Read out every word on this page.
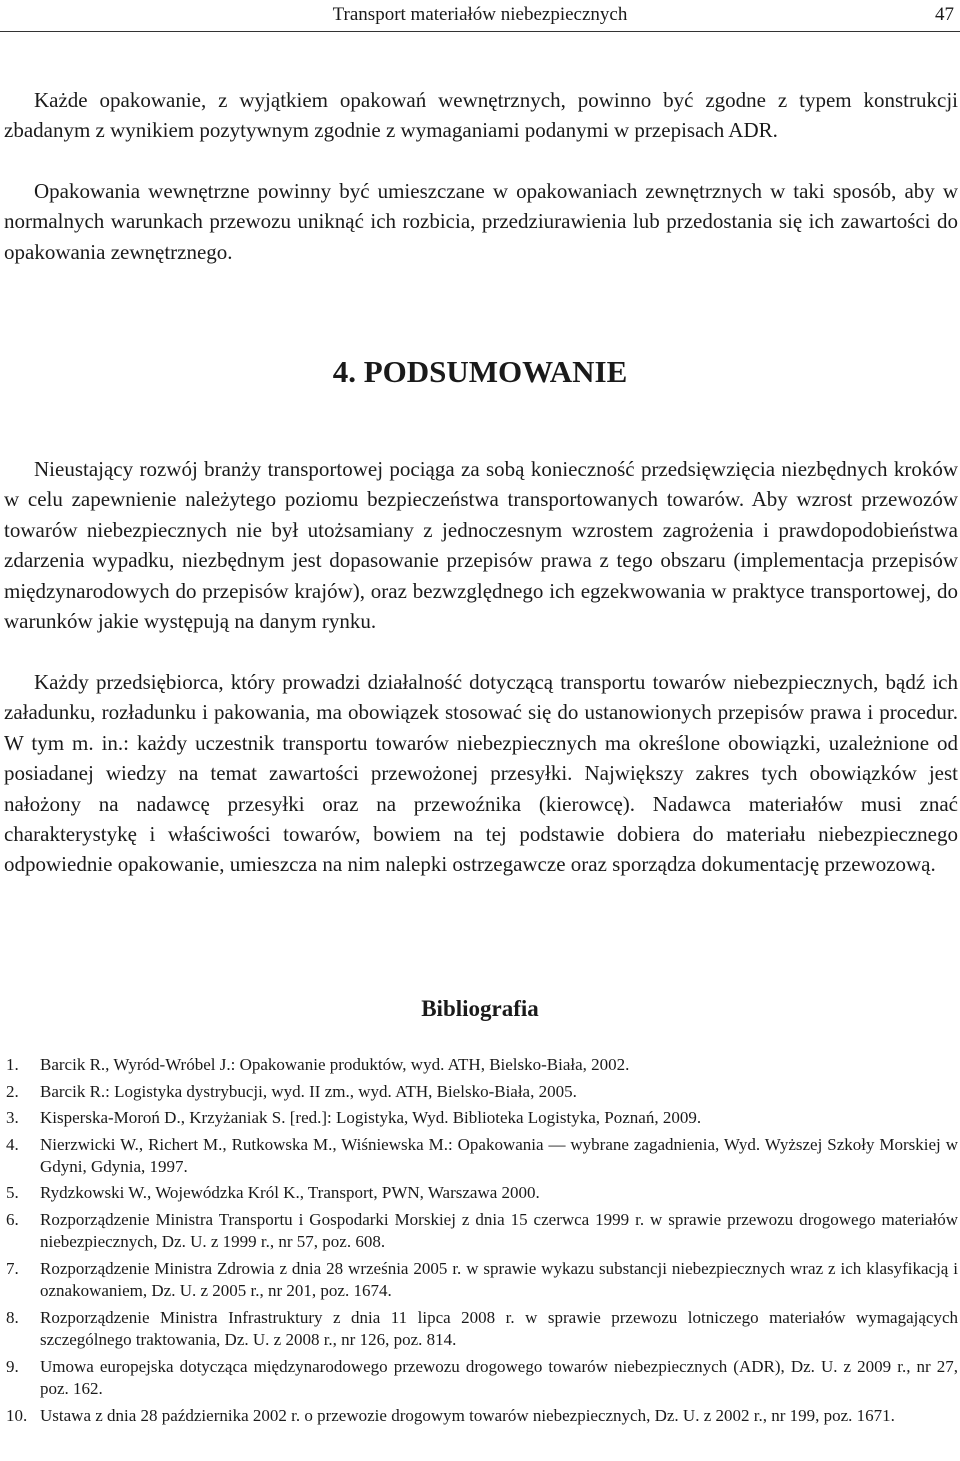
Transport materiałów niebezpiecznych	47

Każde opakowanie, z wyjątkiem opakowań wewnętrznych, powinno być zgodne z typem konstrukcji zbadanym z wynikiem pozytywnym zgodnie z wymaganiami podanymi w przepisach ADR.

Opakowania wewnętrzne powinny być umieszczane w opakowaniach zewnętrznych w taki sposób, aby w normalnych warunkach przewozu uniknąć ich rozbicia, przedziurawienia lub przedostania się ich zawartości do opakowania zewnętrznego.

4. PODSUMOWANIE

Nieustający rozwój branży transportowej pociąga za sobą konieczność przedsięwzięcia niezbędnych kroków w celu zapewnienie należytego poziomu bezpieczeństwa transportowanych towarów. Aby wzrost przewozów towarów niebezpiecznych nie był utożsamiany z jednoczesnym wzrostem zagrożenia i prawdopodobieństwa zdarzenia wypadku, niezbędnym jest dopasowanie przepisów prawa z tego obszaru (implementacja przepisów międzynarodowych do przepisów krajów), oraz bezwzględnego ich egzekwowania w praktyce transportowej, do warunków jakie występują na danym rynku.

Każdy przedsiębiorca, który prowadzi działalność dotyczącą transportu towarów niebezpiecznych, bądź ich załadunku, rozładunku i pakowania, ma obowiązek stosować się do ustanowionych przepisów prawa i procedur. W tym m. in.: każdy uczestnik transportu towarów niebezpiecznych ma określone obowiązki, uzależnione od posiadanej wiedzy na temat zawartości przewożonej przesyłki. Największy zakres tych obowiązków jest nałożony na nadawcę przesyłki oraz na przewoźnika (kierowcę). Nadawca materiałów musi znać charakterystykę i właściwości towarów, bowiem na tej podstawie dobiera do materiału niebezpiecznego odpowiednie opakowanie, umieszcza na nim nalepki ostrzegawcze oraz sporządza dokumentację przewozową.

Bibliografia
1. Barcik R., Wyród-Wróbel J.: Opakowanie produktów, wyd. ATH, Bielsko-Biała, 2002.
2. Barcik R.: Logistyka dystrybucji, wyd. II zm., wyd. ATH, Bielsko-Biała, 2005.
3. Kisperska-Moroń D., Krzyżaniak S. [red.]: Logistyka, Wyd. Biblioteka Logistyka, Poznań, 2009.
4. Nierzwicki W., Richert M., Rutkowska M., Wiśniewska M.: Opakowania — wybrane zagadnienia, Wyd. Wyższej Szkoły Morskiej w Gdyni, Gdynia, 1997.
5. Rydzkowski W., Wojewódzka Król K., Transport, PWN, Warszawa 2000.
6. Rozporządzenie Ministra Transportu i Gospodarki Morskiej z dnia 15 czerwca 1999 r. w sprawie przewozu drogowego materiałów niebezpiecznych, Dz. U. z 1999 r., nr 57, poz. 608.
7. Rozporządzenie Ministra Zdrowia z dnia 28 września 2005 r. w sprawie wykazu substancji niebezpiecznych wraz z ich klasyfikacją i oznakowaniem, Dz. U. z 2005 r., nr 201, poz. 1674.
8. Rozporządzenie Ministra Infrastruktury z dnia 11 lipca 2008 r. w sprawie przewozu lotniczego materiałów wymagających szczególnego traktowania, Dz. U. z 2008 r., nr 126, poz. 814.
9. Umowa europejska dotycząca międzynarodowego przewozu drogowego towarów niebezpiecznych (ADR), Dz. U. z 2009 r., nr 27, poz. 162.
10. Ustawa z dnia 28 października 2002 r. o przewozie drogowym towarów niebezpiecznych, Dz. U. z 2002 r., nr 199, poz. 1671.
